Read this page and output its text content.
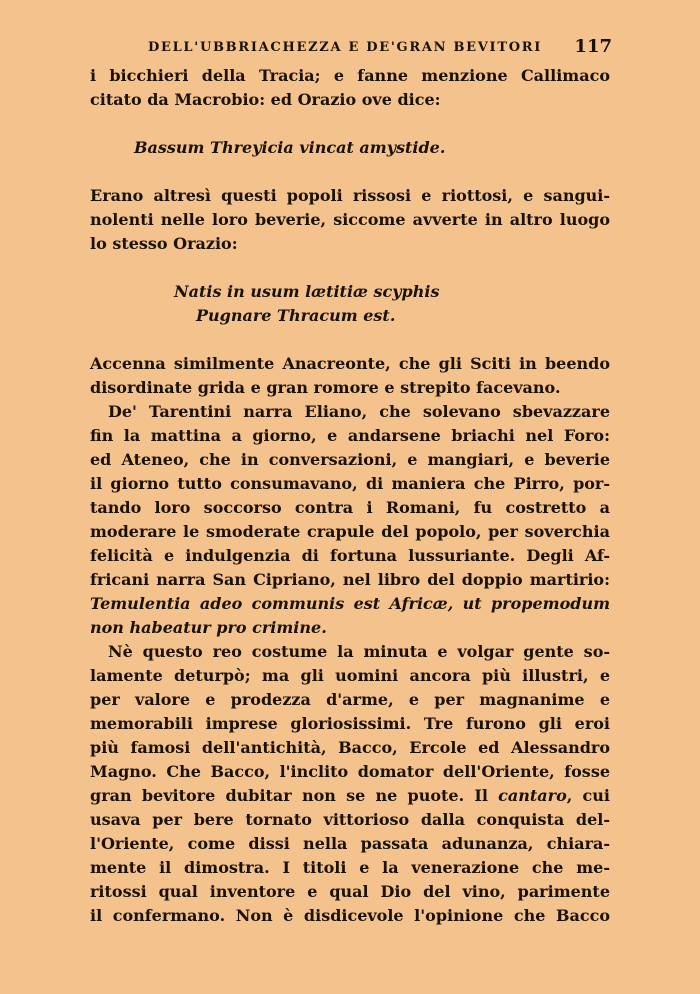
DELL'UBBRIACHEZZA E DE'GRAN BEVITORI 117
i bicchieri della Tracia; e fanne menzione Callimaco
citato da Macrobio: ed Orazio ove dice:
Bassum Threyicia vincat amystide.
Erano altresì questi popoli rissosi e riottosi, e sangui-
nolenti nelle loro beverie, siccome avverte in altro luogo
lo stesso Orazio:
Natis in usum lætitiæ scyphis
Pugnare Thracum est.
Accenna similmente Anacreonte, che gli Sciti in beendo
disordinate grida e gran romore e strepito facevano.
De' Tarentini narra Eliano, che solevano sbevazzare
fin la mattina a giorno, e andarsene briachi nel Foro:
ed Ateneo, che in conversazioni, e mangiari, e beverie
il giorno tutto consumavano, di maniera che Pirro, por-
tando loro soccorso contra i Romani, fu costretto a
moderare le smoderate crapule del popolo, per soverchia
felicità e indulgenzia di fortuna lussuriante. Degli Af-
fricani narra San Cipriano, nel libro del doppio martirio:
Temulentia adeo communis est Africæ, ut propemodum
non habeatur pro crimine.
Nè questo reo costume la minuta e volgar gente so-
lamente deturpò; ma gli uomini ancora più illustri, e
per valore e prodezza d'arme, e per magnanime e
memorabili imprese gloriosissimi. Tre furono gli eroi
più famosi dell'antichità, Bacco, Ercole ed Alessandro
Magno. Che Bacco, l'inclito domator dell'Oriente, fosse
gran bevitore dubitar non se ne puote. Il cantaro, cui
usava per bere tornato vittorioso dalla conquista del-
l'Oriente, come dissi nella passata adunanza, chiara-
mente il dimostra. I titoli e la venerazione che me-
ritossi qual inventore e qual Dio del vino, parimente
il confermano. Non è disdicevole l'opinione che Bacco
